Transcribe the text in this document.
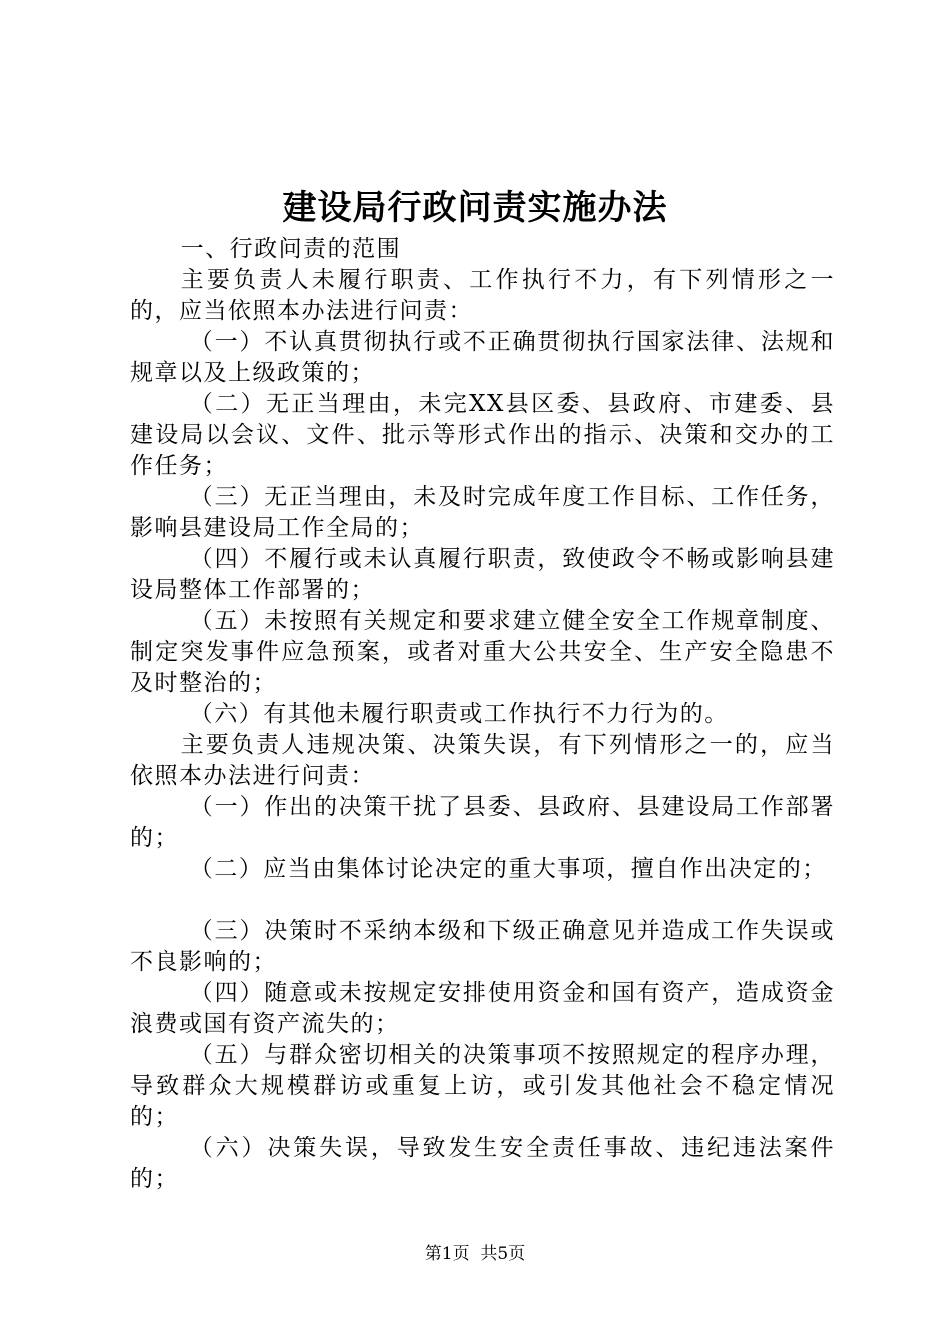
建设局行政问责实施办法

一、行政问责的范围

主要负责人未履行职责、工作执行不力，有下列情形之一的，应当依照本办法进行问责：

（一）不认真贯彻执行或不正确贯彻执行国家法律、法规和规章以及上级政策的；

（二）无正当理由，未完XX县区委、县政府、市建委、县建设局以会议、文件、批示等形式作出的指示、决策和交办的工作任务；

（三）无正当理由，未及时完成年度工作目标、工作任务，影响县建设局工作全局的；

（四）不履行或未认真履行职责，致使政令不畅或影响县建设局整体工作部署的；

（五）未按照有关规定和要求建立健全安全工作规章制度、制定突发事件应急预案，或者对重大公共安全、生产安全隐患不及时整治的；

（六）有其他未履行职责或工作执行不力行为的。

主要负责人违规决策、决策失误，有下列情形之一的，应当依照本办法进行问责：

（一）作出的决策干扰了县委、县政府、县建设局工作部署的；

（二）应当由集体讨论决定的重大事项，擅自作出决定的；

（三）决策时不采纳本级和下级正确意见并造成工作失误或不良影响的；

（四）随意或未按规定安排使用资金和国有资产，造成资金浪费或国有资产流失的；

（五）与群众密切相关的决策事项不按照规定的程序办理，导致群众大规模群访或重复上访，或引发其他社会不稳定情况的；

（六）决策失误，导致发生安全责任事故、违纪违法案件的；

第1页 共5页
